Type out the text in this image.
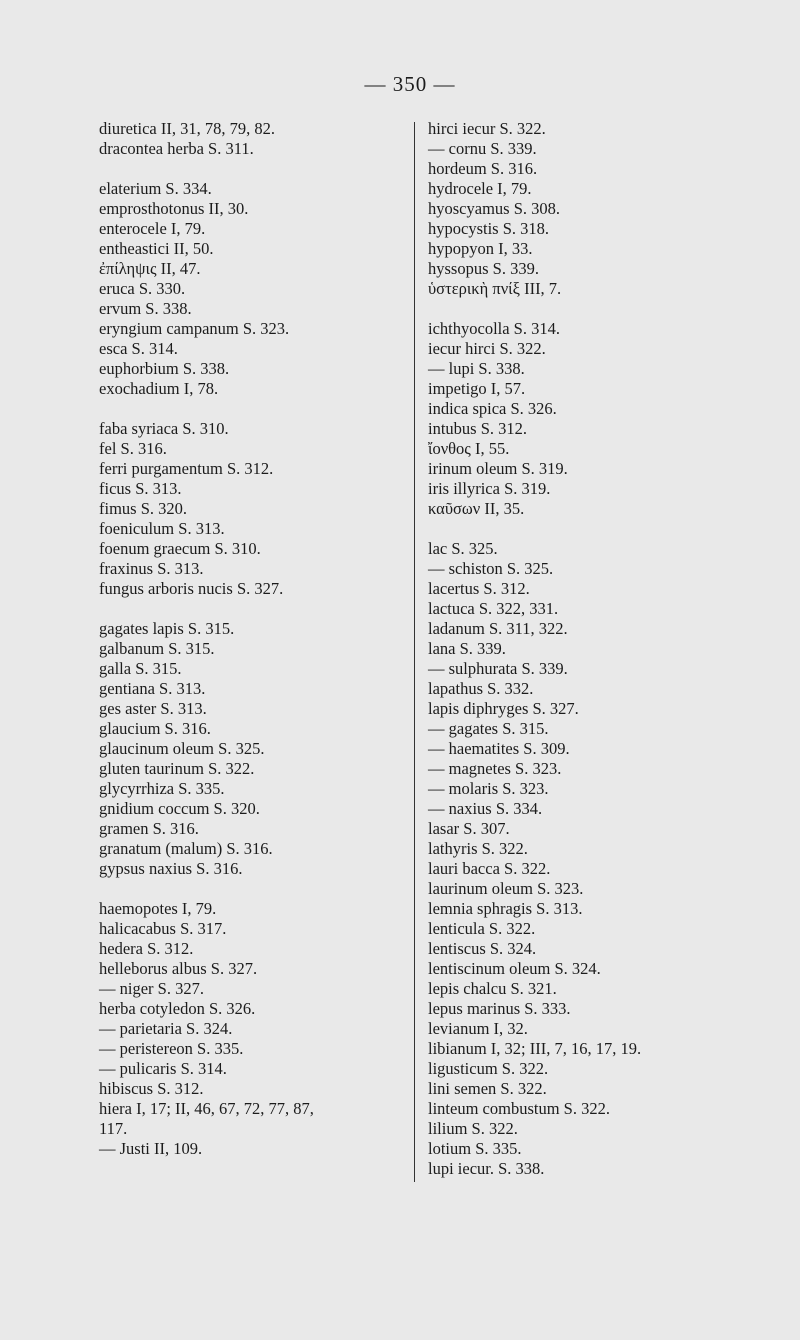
— 350 —
diuretica II, 31, 78, 79, 82.
dracontea herba S. 311.
elaterium S. 334.
emprosthotonus II, 30.
enterocele I, 79.
entheastici II, 50.
ἐπίληψις II, 47.
eruca S. 330.
ervum S. 338.
eryngium campanum S. 323.
esca S. 314.
euphorbium S. 338.
exochadium I, 78.
faba syriaca S. 310.
fel S. 316.
ferri purgamentum S. 312.
ficus S. 313.
fimus S. 320.
foeniculum S. 313.
foenum graecum S. 310.
fraxinus S. 313.
fungus arboris nucis S. 327.
gagates lapis S. 315.
galbanum S. 315.
galla S. 315.
gentiana S. 313.
ges aster S. 313.
glaucium S. 316.
glaucinum oleum S. 325.
gluten taurinum S. 322.
glycyrrhiza S. 335.
gnidium coccum S. 320.
gramen S. 316.
granatum (malum) S. 316.
gypsus naxius S. 316.
haemopotes I, 79.
halicacabus S. 317.
hedera S. 312.
helleborus albus S. 327.
— niger S. 327.
herba cotyledon S. 326.
— parietaria S. 324.
— peristereon S. 335.
— pulicaris S. 314.
hibiscus S. 312.
hiera I, 17; II, 46, 67, 72, 77, 87,
117.
— Justi II, 109.
hirci iecur S. 322.
— cornu S. 339.
hordeum S. 316.
hydrocele I, 79.
hyoscyamus S. 308.
hypocystis S. 318.
hypopyon I, 33.
hyssopus S. 339.
ὑστερικὴ πνίξ III, 7.
ichthyocolla S. 314.
iecur hirci S. 322.
— lupi S. 338.
impetigo I, 57.
indica spica S. 326.
intubus S. 312.
ἴονθος I, 55.
irinum oleum S. 319.
iris illyrica S. 319.
καῦσων II, 35.
lac S. 325.
— schiston S. 325.
lacertus S. 312.
lactuca S. 322, 331.
ladanum S. 311, 322.
lana S. 339.
— sulphurata S. 339.
lapathus S. 332.
lapis diphryges S. 327.
— gagates S. 315.
— haematites S. 309.
— magnetes S. 323.
— molaris S. 323.
— naxius S. 334.
lasar S. 307.
lathyris S. 322.
lauri bacca S. 322.
laurinum oleum S. 323.
lemnia sphragis S. 313.
lenticula S. 322.
lentiscus S. 324.
lentiscinum oleum S. 324.
lepis chalcu S. 321.
lepus marinus S. 333.
levianum I, 32.
libianum I, 32; III, 7, 16, 17, 19.
ligusticum S. 322.
lini semen S. 322.
linteum combustum S. 322.
lilium S. 322.
lotium S. 335.
lupi iecur. S. 338.
